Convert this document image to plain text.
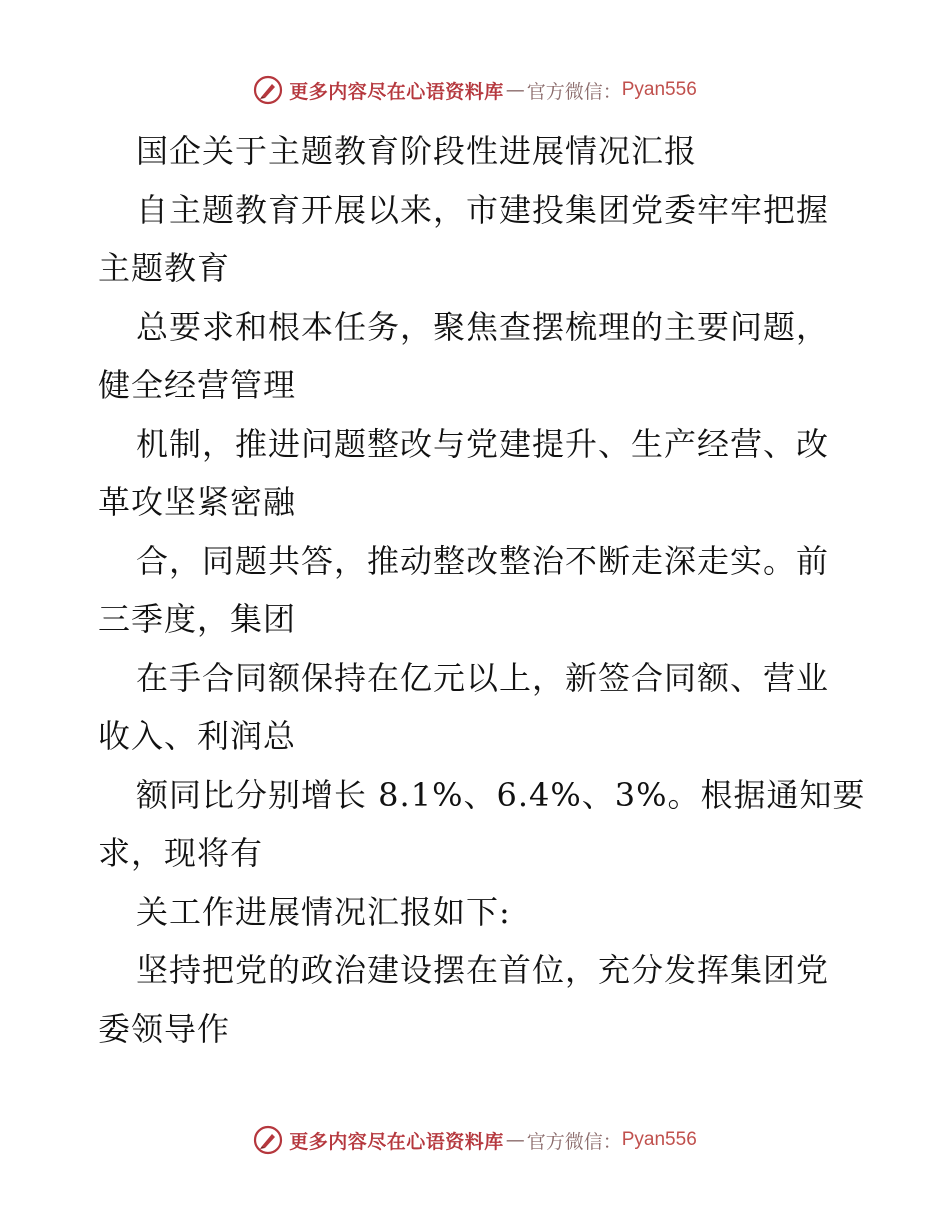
更多内容尽在心语资料库 — 官方微信： Pyan556
国企关于主题教育阶段性进展情况汇报
自主题教育开展以来，市建投集团党委牢牢把握
主题教育
总要求和根本任务，聚焦查摆梳理的主要问题，
健全经营管理
机制，推进问题整改与党建提升、生产经营、改
革攻坚紧密融
合，同题共答，推动整改整治不断走深走实。前
三季度，集团
在手合同额保持在亿元以上，新签合同额、营业
收入、利润总
额同比分别增长 8.1%、6.4%、3%。根据通知要
求，现将有
关工作进展情况汇报如下:
坚持把党的政治建设摆在首位，充分发挥集团党
委领导作
更多内容尽在心语资料库 — 官方微信： Pyan556
